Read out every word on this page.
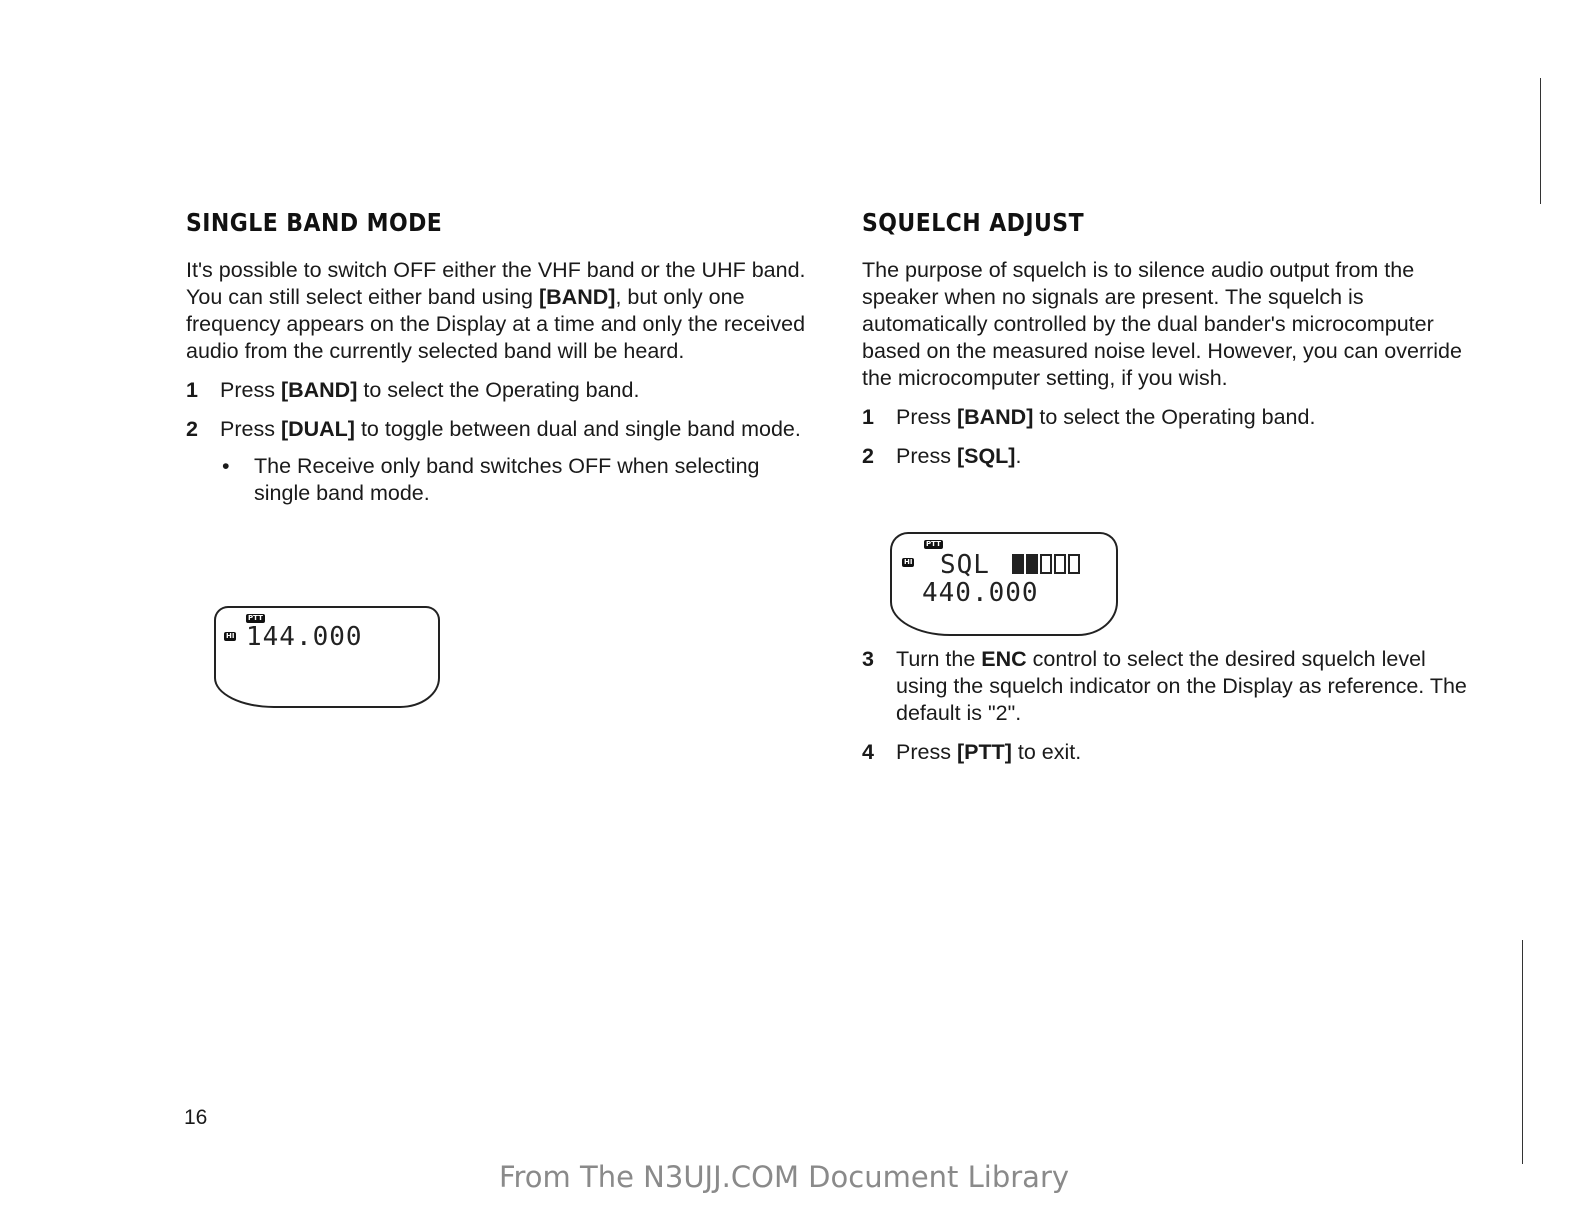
SINGLE BAND MODE

It's possible to switch OFF either the VHF band or the UHF band. You can still select either band using [BAND], but only one frequency appears on the Display at a time and only the received audio from the currently selected band will be heard.

1 Press [BAND] to select the Operating band.
2 Press [DUAL] to toggle between dual and single band mode.
• The Receive only band switches OFF when selecting single band mode.
PTT
HI 144.000
SQUELCH ADJUST

The purpose of squelch is to silence audio output from the speaker when no signals are present. The squelch is automatically controlled by the dual bander's microcomputer based on the measured noise level. However, you can override the microcomputer setting, if you wish.

1 Press [BAND] to select the Operating band.
2 Press [SQL].
3 Turn the ENC control to select the desired squelch level using the squelch indicator on the Display as reference. The default is "2".
4 Press [PTT] to exit.
PTT
HI SQL
440.000
16
From The N3UJJ.COM Document Library
